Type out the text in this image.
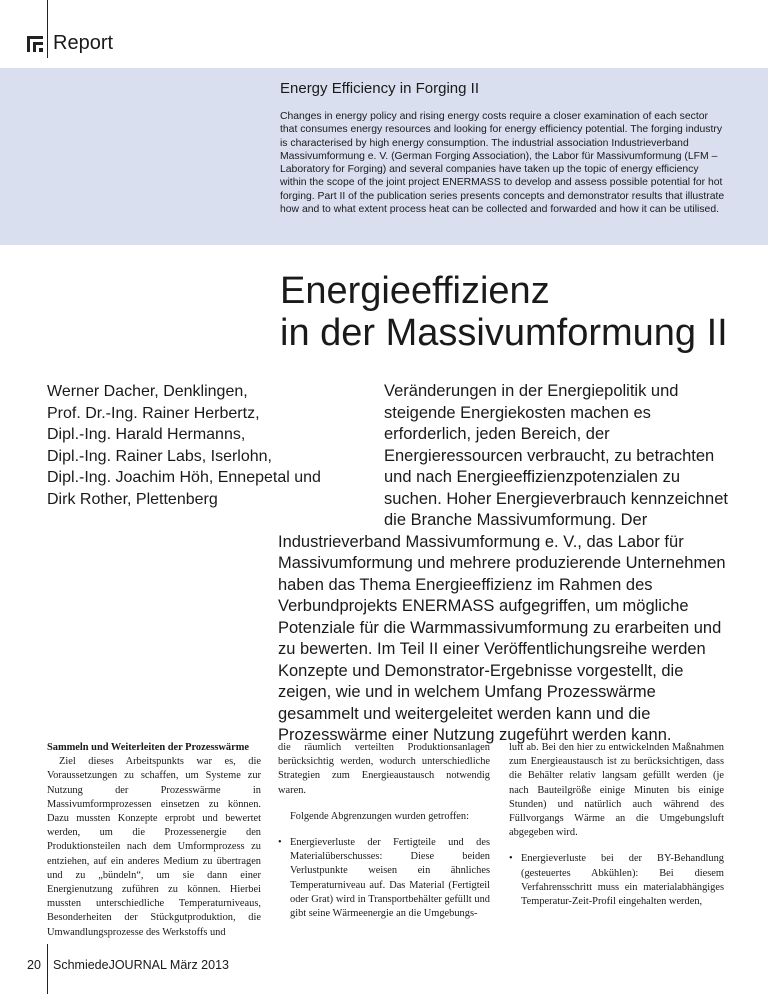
Report
Energy Efficiency in Forging II
Changes in energy policy and rising energy costs require a closer examination of each sector that consumes energy resources and looking for energy efficiency potential. The forging industry is characterised by high energy consumption. The industrial association Industrieverband Massivumformung e. V. (German Forging Association), the Labor für Massivumformung (LFM – Laboratory for Forging) and several companies have taken up the topic of energy efficiency within the scope of the joint project ENERMASS to develop and assess possible potential for hot forging. Part II of the publication series presents concepts and demonstrator results that illustrate how and to what extent process heat can be collected and forwarded and how it can be utilised.
Energieeffizienz
in der Massivumformung II
Werner Dacher, Denklingen,
Prof. Dr.-Ing. Rainer Herbertz,
Dipl.-Ing. Harald Hermanns,
Dipl.-Ing. Rainer Labs, Iserlohn,
Dipl.-Ing. Joachim Höh, Ennepetal und
Dirk Rother, Plettenberg
Veränderungen in der Energiepolitik und steigende Energiekosten machen es erforderlich, jeden Bereich, der Energieressourcen verbraucht, zu betrachten und nach Energieeffizienzpotenzialen zu suchen. Hoher Energieverbrauch kennzeichnet die Branche Massivumformung. Der Industrieverband Massivumformung e. V., das Labor für Massivumformung und mehrere produzierende Unternehmen haben das Thema Energieeffizienz im Rahmen des Verbundprojekts ENERMASS aufgegriffen, um mögliche Potenziale für die Warmmassivumformung zu erarbeiten und zu bewerten. Im Teil II einer Veröffentlichungsreihe werden Konzepte und Demonstrator-Ergebnisse vorgestellt, die zeigen, wie und in welchem Umfang Prozesswärme gesammelt und weitergeleitet werden kann und die Prozesswärme einer Nutzung zugeführt werden kann.

Sammeln und Weiterleiten der Prozesswärme

Ziel dieses Arbeitspunkts war es, die Voraussetzungen zu schaffen, um Systeme zur Nutzung der Prozesswärme in Massivumformprozessen einsetzen zu können. Dazu mussten Konzepte erprobt und bewertet werden, um die Prozessenergie den Produktionsteilen nach dem Umformprozess zu entziehen, auf ein anderes Medium zu übertragen und zu „bündeln“, um sie dann einer Energienutzung zuführen zu können. Hierbei mussten unterschiedliche Temperaturniveaus, Besonderheiten der Stückgutproduktion, die Umwandlungsprozesse des Werkstoffs und

die räumlich verteilten Produktionsanlagen berücksichtig werden, wodurch unterschiedliche Strategien zum Energieaustausch notwendig waren.

Folgende Abgrenzungen wurden getroffen:

• Energieverluste der Fertigteile und des Materialüberschusses: Diese beiden Verlustpunkte weisen ein ähnliches Temperaturniveau auf. Das Material (Fertigteil oder Grat) wird in Transportbehälter gefüllt und gibt seine Wärmeenergie an die Umgebungs-

luft ab. Bei den hier zu entwickelnden Maßnahmen zum Energieaustausch ist zu berücksichtigen, dass die Behälter relativ langsam gefüllt werden (je nach Bauteilgröße einige Minuten bis einige Stunden) und natürlich auch während des Füllvorgangs Wärme an die Umgebungsluft abgegeben wird.

• Energieverluste bei der BY-Behandlung (gesteuertes Abkühlen): Bei diesem Verfahrensschritt muss ein materialabhängiges Temperatur-Zeit-Profil eingehalten werden,

20 SchmiedeJOURNAL März 2013
